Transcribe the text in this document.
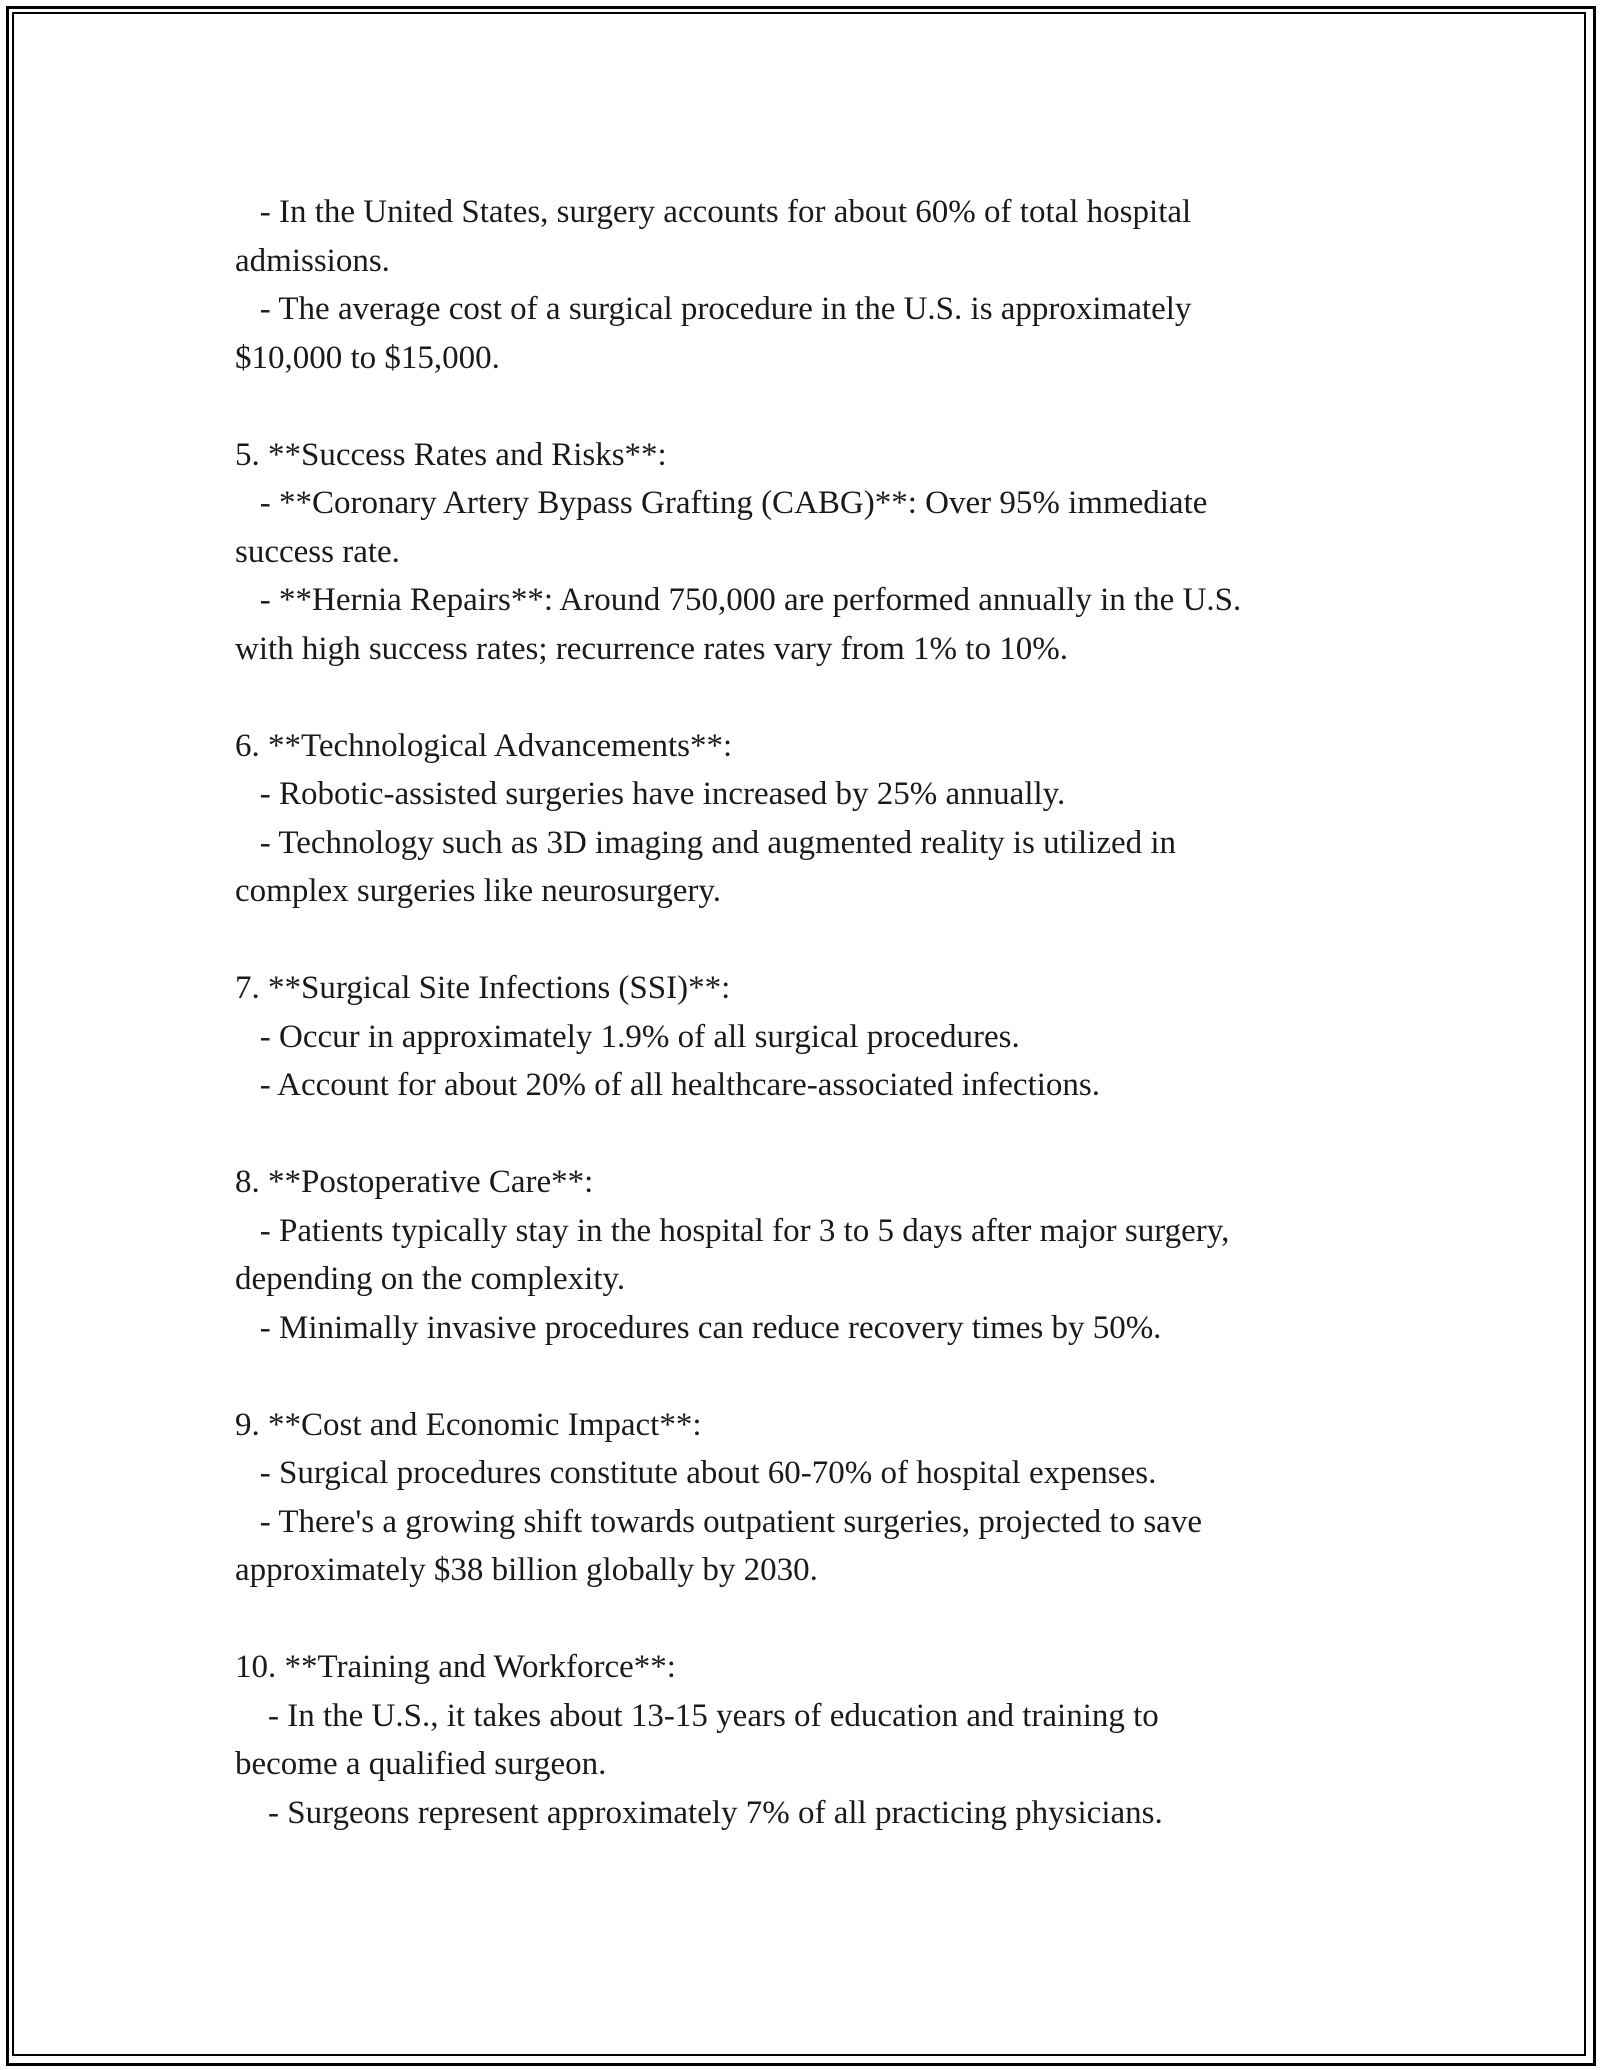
- In the United States, surgery accounts for about 60% of total hospital

admissions.

- The average cost of a surgical procedure in the U.S. is approximately

$10,000 to $15,000.

5. **Success Rates and Risks**:

- **Coronary Artery Bypass Grafting (CABG)**: Over 95% immediate

success rate.

- **Hernia Repairs**: Around 750,000 are performed annually in the U.S.

with high success rates; recurrence rates vary from 1% to 10%.

6. **Technological Advancements**:

- Robotic-assisted surgeries have increased by 25% annually.

- Technology such as 3D imaging and augmented reality is utilized in

complex surgeries like neurosurgery.

7. **Surgical Site Infections (SSI)**:

- Occur in approximately 1.9% of all surgical procedures.

- Account for about 20% of all healthcare-associated infections.

8. **Postoperative Care**:

- Patients typically stay in the hospital for 3 to 5 days after major surgery,

depending on the complexity.

- Minimally invasive procedures can reduce recovery times by 50%.

9. **Cost and Economic Impact**:

- Surgical procedures constitute about 60-70% of hospital expenses.

- There's a growing shift towards outpatient surgeries, projected to save

approximately $38 billion globally by 2030.

10. **Training and Workforce**:

- In the U.S., it takes about 13-15 years of education and training to

become a qualified surgeon.

- Surgeons represent approximately 7% of all practicing physicians.
